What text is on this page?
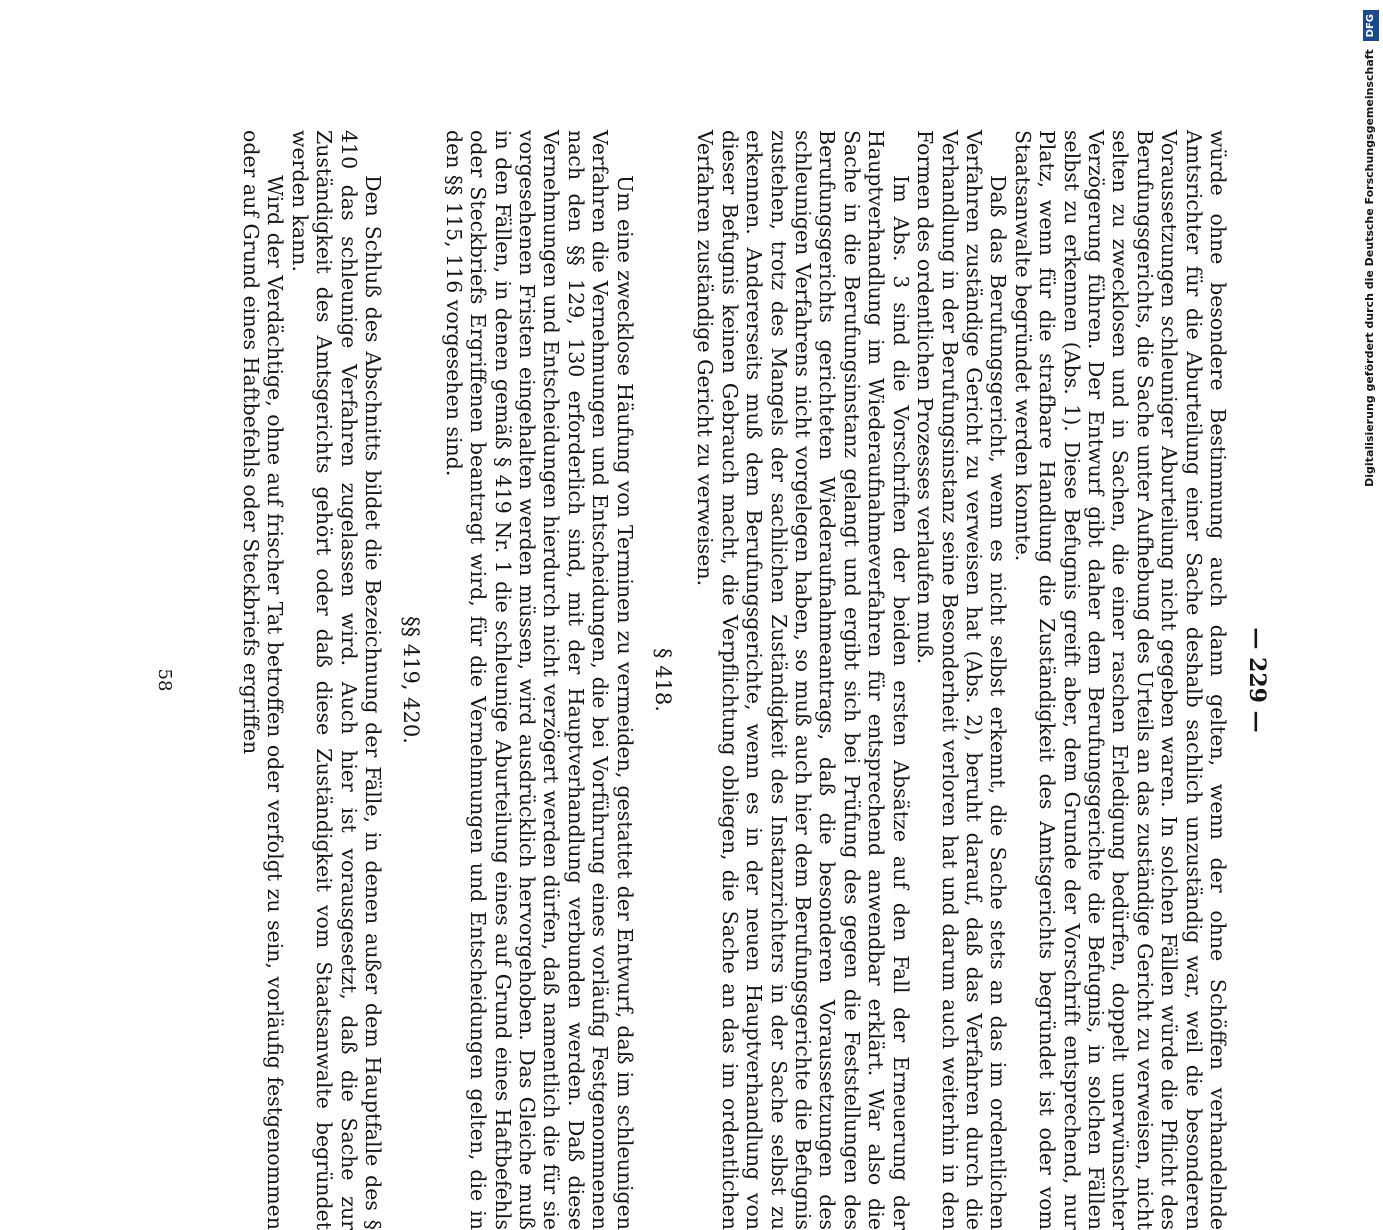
— 229 —

würde ohne besondere Bestimmung auch dann gelten, wenn der ohne Schöffen verhandelnde Amtsrichter für die Aburteilung einer Sache deshalb sachlich unzuständig war, weil die besonderen Voraussetzungen schleuniger Aburteilung nicht gegeben waren. In solchen Fällen würde die Pflicht des Berufungsgerichts, die Sache unter Aufhebung des Urteils an das zuständige Gericht zu verweisen, nicht selten zu zwecklosen und in Sachen, die einer raschen Erledigung bedürfen, doppelt unerwünschter Verzögerung führen. Der Entwurf gibt daher dem Berufungsgerichte die Befugnis, in solchen Fällen selbst zu erkennen (Abs. 1). Diese Befugnis greift aber, dem Grunde der Vorschrift entsprechend, nur Platz, wenn für die strafbare Handlung die Zuständigkeit des Amtsgerichts begründet ist oder vom Staatsanwalte begründet werden konnte.

Daß das Berufungsgericht, wenn es nicht selbst erkennt, die Sache stets an das im ordentlichen Verfahren zuständige Gericht zu verweisen hat (Abs. 2), beruht darauf, daß das Verfahren durch die Verhandlung in der Berufungsinstanz seine Besonderheit verloren hat und darum auch weiterhin in den Formen des ordentlichen Prozesses verlaufen muß.

Im Abs. 3 sind die Vorschriften der beiden ersten Absätze auf den Fall der Erneuerung der Hauptverhandlung im Wiederaufnahmeverfahren für entsprechend anwendbar erklärt. War also die Sache in die Berufungsinstanz gelangt und ergibt sich bei Prüfung des gegen die Feststellungen des Berufungsgerichts gerichteten Wiederaufnahmeantrags, daß die besonderen Voraussetzungen des schleunigen Verfahrens nicht vorgelegen haben, so muß auch hier dem Berufungsgerichte die Befugnis zustehen, trotz des Mangels der sachlichen Zuständigkeit des Instanzrichters in der Sache selbst zu erkennen. Andererseits muß dem Berufungsgerichte, wenn es in der neuen Hauptverhandlung von dieser Befugnis keinen Gebrauch macht, die Verpflichtung obliegen, die Sache an das im ordentlichen Verfahren zuständige Gericht zu verweisen.

§ 418.

Um eine zwecklose Häufung von Terminen zu vermeiden, gestattet der Entwurf, daß im schleunigen Verfahren die Vernehmungen und Entscheidungen, die bei Vorführung eines vorläufig Festgenommenen nach den §§ 129, 130 erforderlich sind, mit der Hauptverhandlung verbunden werden. Daß diese Vernehmungen und Entscheidungen hierdurch nicht verzögert werden dürfen, daß namentlich die für sie vorgesehenen Fristen eingehalten werden müssen, wird ausdrücklich hervorgehoben. Das Gleiche muß in den Fällen, in denen gemäß § 419 Nr. 1 die schleunige Aburteilung eines auf Grund eines Haftbefehls oder Steckbriefs Ergriffenen beantragt wird, für die Vernehmungen und Entscheidungen gelten, die in den §§ 115, 116 vorgesehen sind.

§§ 419, 420.

Den Schluß des Abschnitts bildet die Bezeichnung der Fälle, in denen außer dem Hauptfalle des § 410 das schleunige Verfahren zugelassen wird. Auch hier ist vorausgesetzt, daß die Sache zur Zuständigkeit des Amtsgerichts gehört oder daß diese Zuständigkeit vom Staatsanwalte begründet werden kann.

Wird der Verdächtige, ohne auf frischer Tat betroffen oder verfolgt zu sein, vorläufig festgenommen oder auf Grund eines Haftbefehls oder Steckbriefs ergriffen

58
Digitalisierung gefördert durch die Deutsche Forschungsgemeinschaft DFG
